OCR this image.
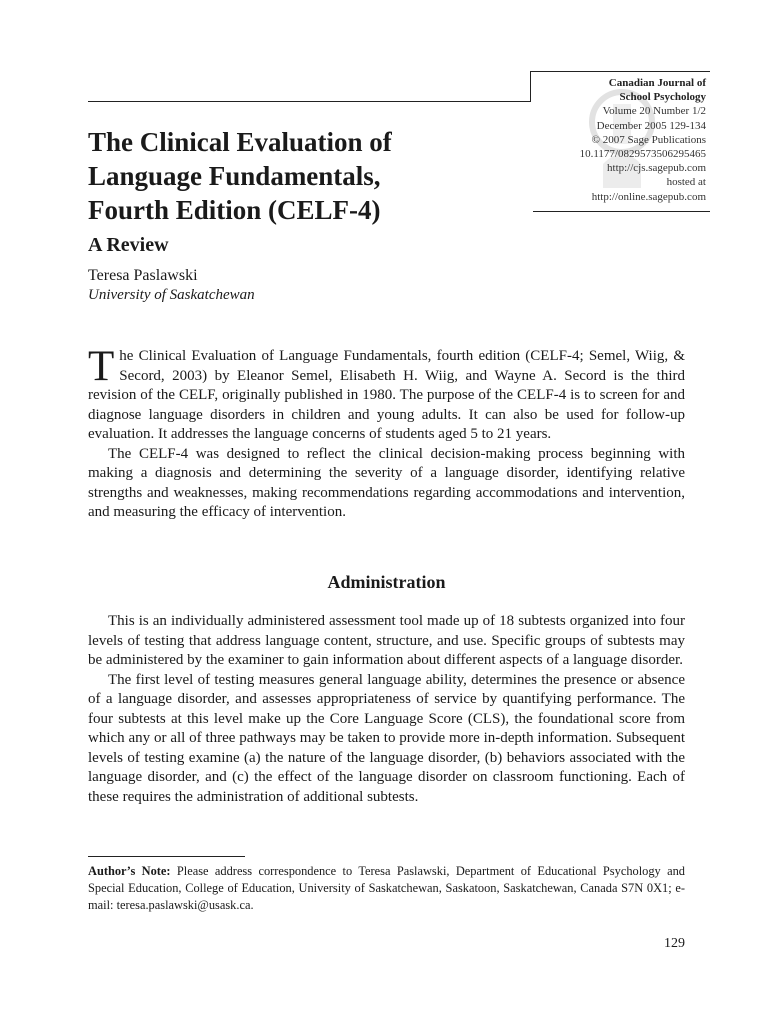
Canadian Journal of
School Psychology
Volume 20 Number 1/2
December 2005 129-134
© 2007 Sage Publications
10.1177/0829573506295465
http://cjs.sagepub.com
hosted at
http://online.sagepub.com
The Clinical Evaluation of
Language Fundamentals,
Fourth Edition (CELF-4)
A Review
Teresa Paslawski
University of Saskatchewan

The Clinical Evaluation of Language Fundamentals, fourth edition (CELF-4; Semel, Wiig, & Secord, 2003) by Eleanor Semel, Elisabeth H. Wiig, and Wayne A. Secord is the third revision of the CELF, originally published in 1980. The purpose of the CELF-4 is to screen for and diagnose language disorders in children and young adults. It can also be used for follow-up evaluation. It addresses the language concerns of students aged 5 to 21 years.

The CELF-4 was designed to reflect the clinical decision-making process beginning with making a diagnosis and determining the severity of a language disorder, identifying relative strengths and weaknesses, making recommendations regarding accommodations and intervention, and measuring the efficacy of intervention.

Administration

This is an individually administered assessment tool made up of 18 subtests organized into four levels of testing that address language content, structure, and use. Specific groups of subtests may be administered by the examiner to gain information about different aspects of a language disorder.

The first level of testing measures general language ability, determines the presence or absence of a language disorder, and assesses appropriateness of service by quantifying performance. The four subtests at this level make up the Core Language Score (CLS), the foundational score from which any or all of three pathways may be taken to provide more in-depth information. Subsequent levels of testing examine (a) the nature of the language disorder, (b) behaviors associated with the language disorder, and (c) the effect of the language disorder on classroom functioning. Each of these requires the administration of additional subtests.

Author’s Note: Please address correspondence to Teresa Paslawski, Department of Educational Psychology and Special Education, College of Education, University of Saskatchewan, Saskatoon, Saskatchewan, Canada S7N 0X1; e-mail: teresa.paslawski@usask.ca.

129
